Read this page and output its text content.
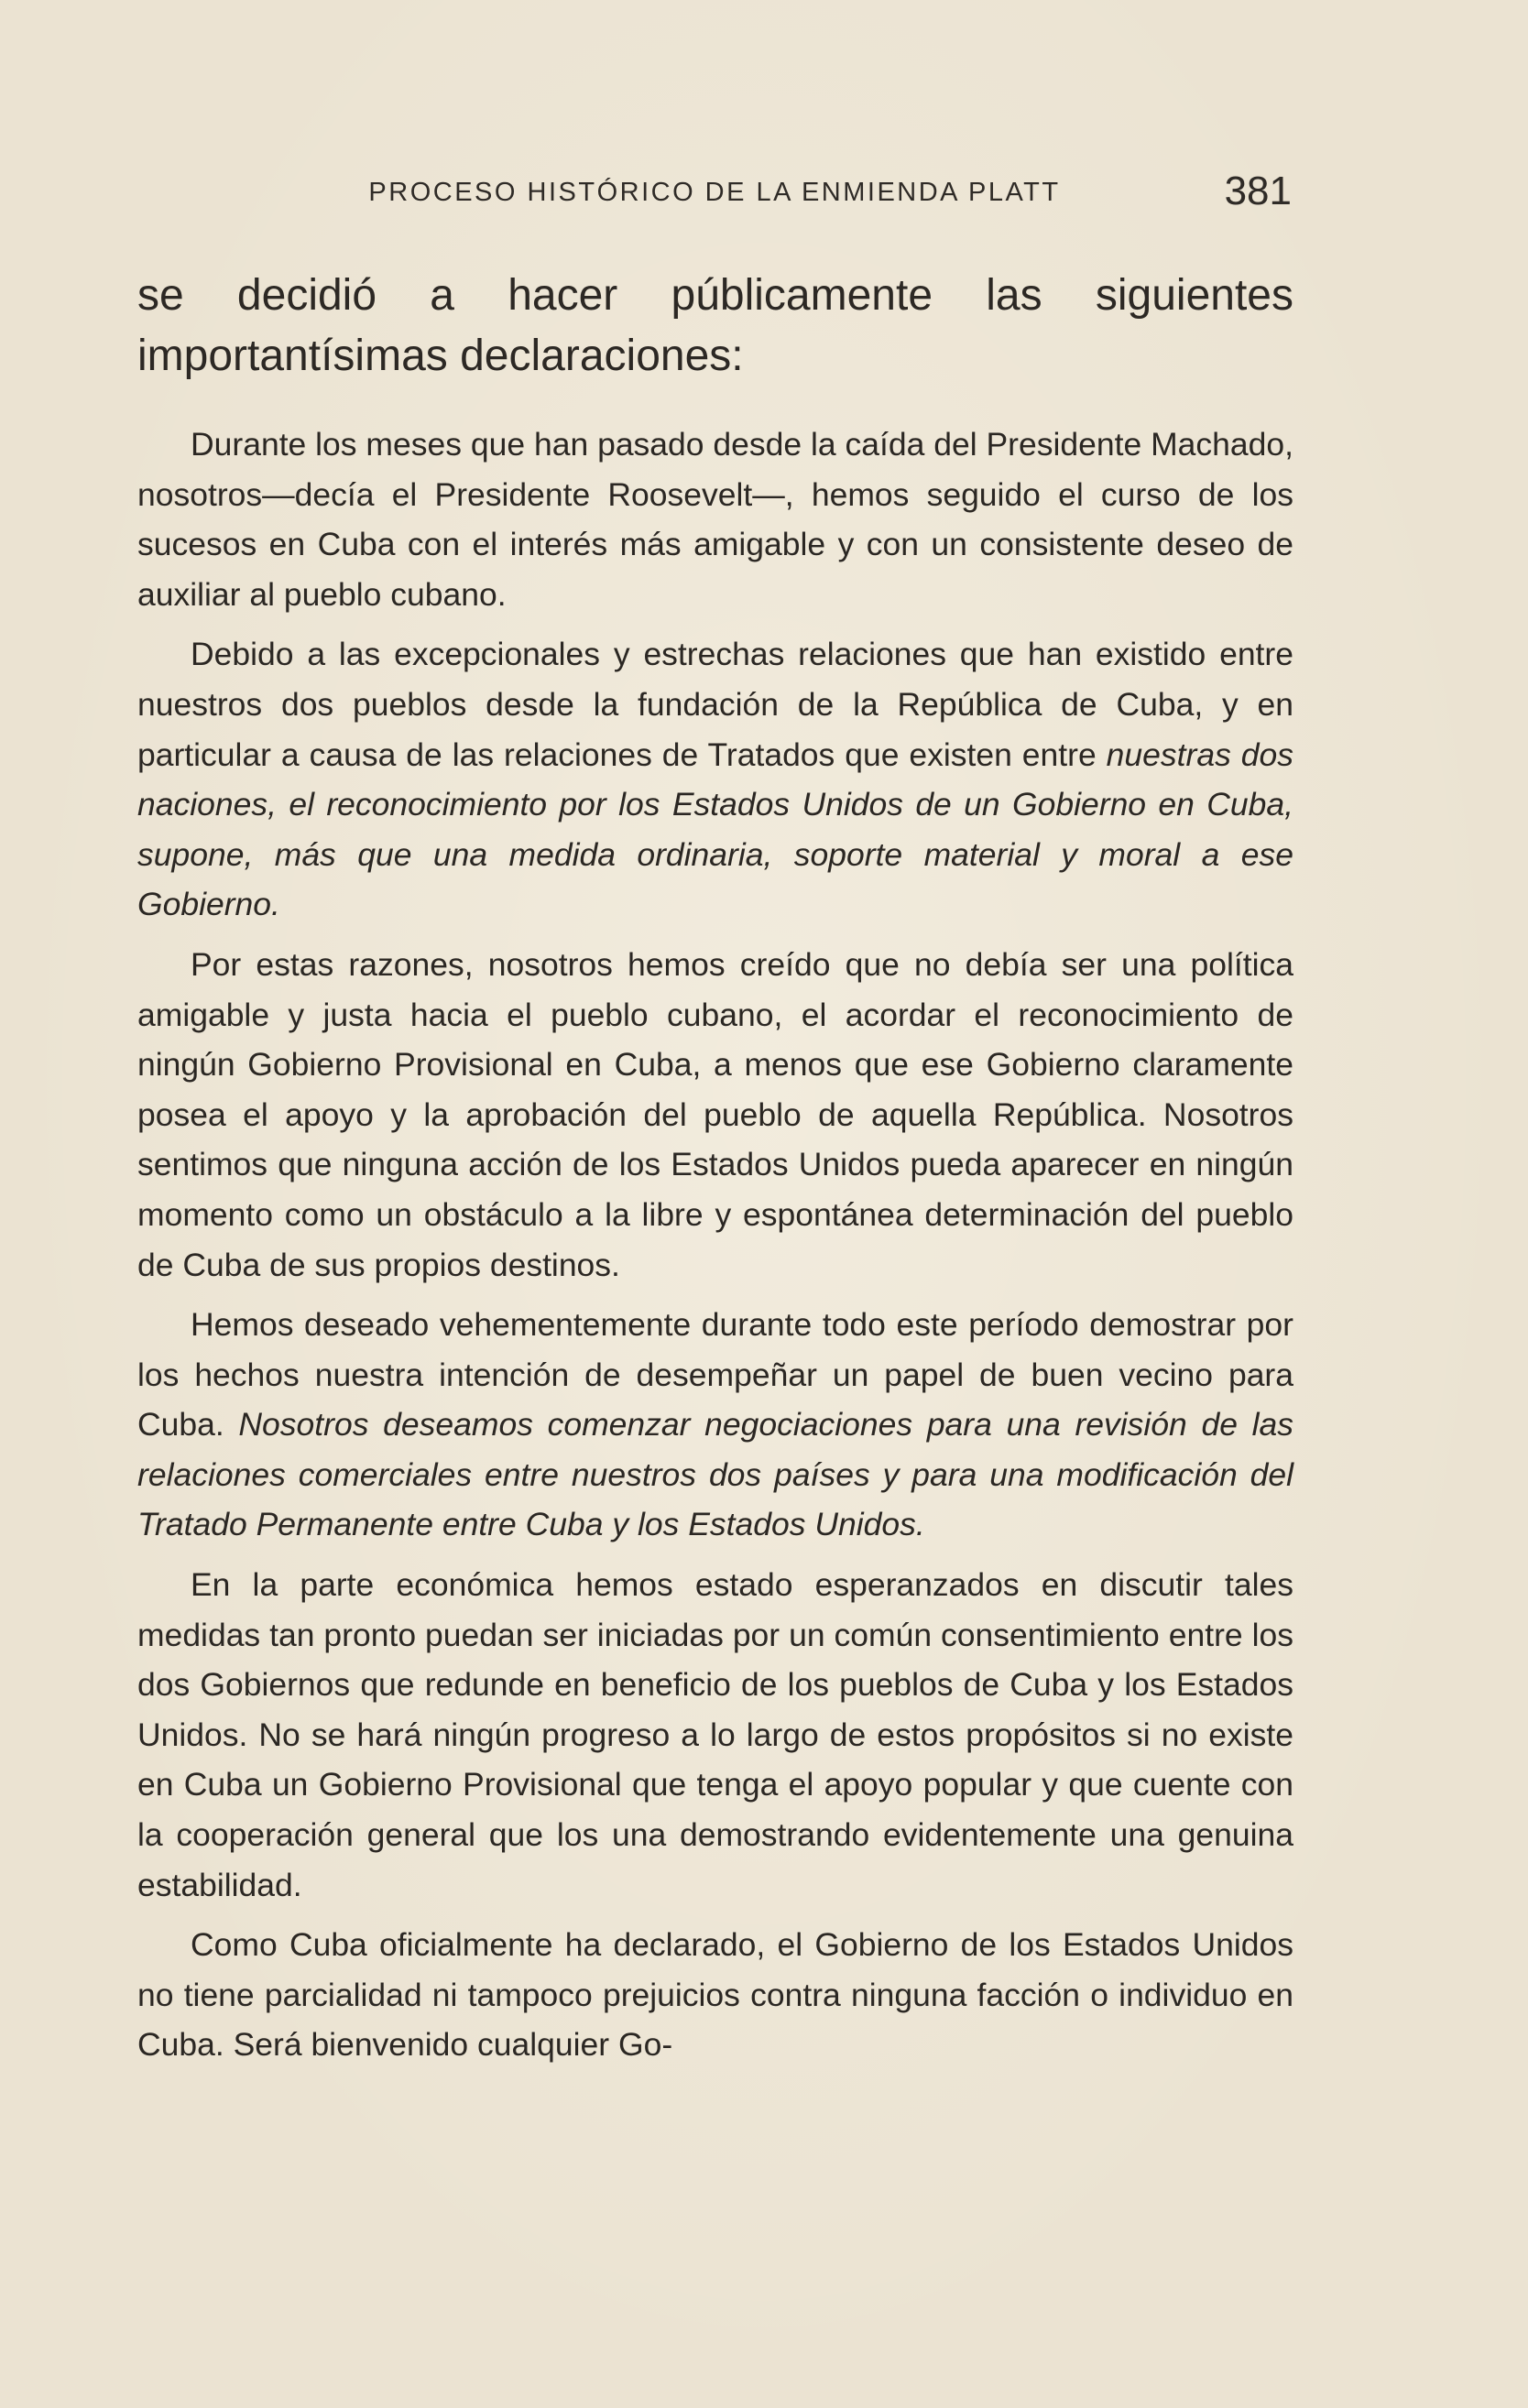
PROCESO HISTÓRICO DE LA ENMIENDA PLATT	381
se decidió a hacer públicamente las siguientes importantísimas declaraciones:

Durante los meses que han pasado desde la caída del Presidente Machado, nosotros—decía el Presidente Roosevelt—, hemos seguido el curso de los sucesos en Cuba con el interés más amigable y con un consistente deseo de auxiliar al pueblo cubano.

Debido a las excepcionales y estrechas relaciones que han existido entre nuestros dos pueblos desde la fundación de la República de Cuba, y en particular a causa de las relaciones de Tratados que existen entre nuestras dos naciones, el reconocimiento por los Estados Unidos de un Gobierno en Cuba, supone, más que una medida ordinaria, soporte material y moral a ese Gobierno.

Por estas razones, nosotros hemos creído que no debía ser una política amigable y justa hacia el pueblo cubano, el acordar el reconocimiento de ningún Gobierno Provisional en Cuba, a menos que ese Gobierno claramente posea el apoyo y la aprobación del pueblo de aquella República. Nosotros sentimos que ninguna acción de los Estados Unidos pueda aparecer en ningún momento como un obstáculo a la libre y espontánea determinación del pueblo de Cuba de sus propios destinos.

Hemos deseado vehementemente durante todo este período demostrar por los hechos nuestra intención de desempeñar un papel de buen vecino para Cuba. Nosotros deseamos comenzar negociaciones para una revisión de las relaciones comerciales entre nuestros dos países y para una modificación del Tratado Permanente entre Cuba y los Estados Unidos.

En la parte económica hemos estado esperanzados en discutir tales medidas tan pronto puedan ser iniciadas por un común consentimiento entre los dos Gobiernos que redunde en beneficio de los pueblos de Cuba y los Estados Unidos. No se hará ningún progreso a lo largo de estos propósitos si no existe en Cuba un Gobierno Provisional que tenga el apoyo popular y que cuente con la cooperación general que los una demostrando evidentemente una genuina estabilidad.

Como Cuba oficialmente ha declarado, el Gobierno de los Estados Unidos no tiene parcialidad ni tampoco prejuicios contra ninguna facción o individuo en Cuba. Será bienvenido cualquier Go-
